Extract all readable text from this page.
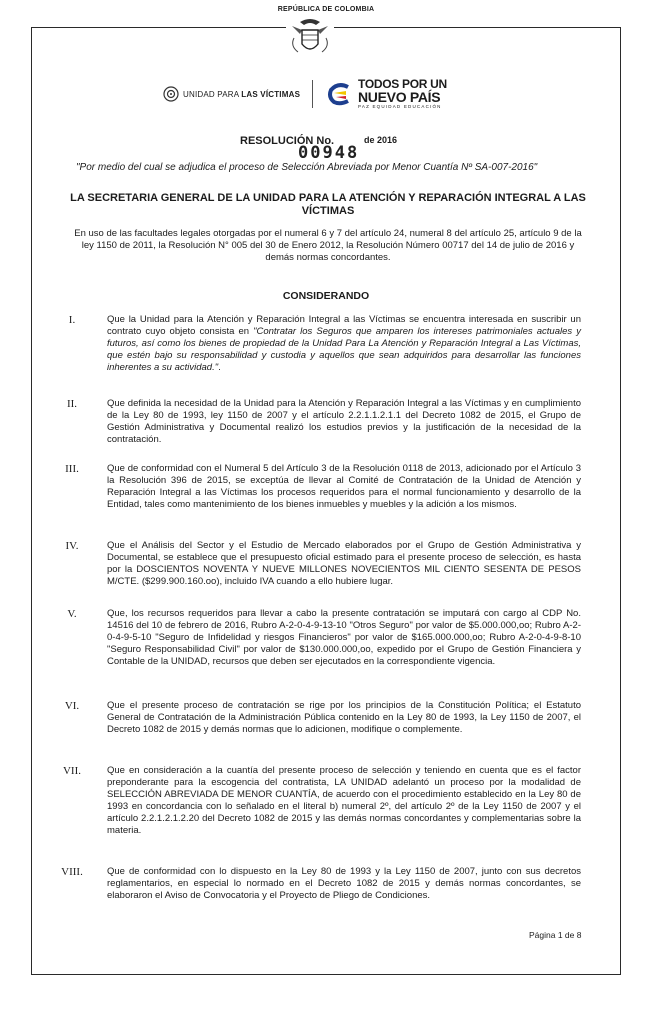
REPÚBLICA DE COLOMBIA
UNIDAD PARA LAS VÍCTIMAS
TODOS POR UN
NUEVO PAÍS
PAZ EQUIDAD EDUCACIÓN
RESOLUCIÓN No.	de 2016
00948
"Por medio del cual se adjudica el proceso de Selección Abreviada por Menor Cuantía Nº SA-007-2016"
LA SECRETARIA GENERAL DE LA UNIDAD PARA LA ATENCIÓN Y REPARACIÓN INTEGRAL A LAS VÍCTIMAS
En uso de las facultades legales otorgadas por el numeral 6 y 7 del artículo 24, numeral 8 del artículo 25, artículo 9 de la ley 1150 de 2011, la Resolución N° 005 del 30 de Enero 2012, la Resolución Número 00717 del 14 de julio de 2016 y demás normas concordantes.
CONSIDERANDO
I.	Que la Unidad para la Atención y Reparación Integral a las Víctimas se encuentra interesada en suscribir un contrato cuyo objeto consista en "Contratar los Seguros que amparen los intereses patrimoniales actuales y futuros, así como los bienes de propiedad de la Unidad Para La Atención y Reparación Integral a Las Víctimas, que estén bajo su responsabilidad y custodia y aquellos que sean adquiridos para desarrollar las funciones inherentes a su actividad.".
II.	Que definida la necesidad de la Unidad para la Atención y Reparación Integral a las Víctimas y en cumplimiento de la Ley 80 de 1993, ley 1150 de 2007 y el artículo 2.2.1.1.2.1.1 del Decreto 1082 de 2015, el Grupo de Gestión Administrativa y Documental realizó los estudios previos y la justificación de la necesidad de la contratación.
III.	Que de conformidad con el Numeral 5 del Artículo 3 de la Resolución 0118 de 2013, adicionado por el Artículo 3 la Resolución 396 de 2015, se exceptúa de llevar al Comité de Contratación de la Unidad de Atención y Reparación Integral a las Víctimas los procesos requeridos para el normal funcionamiento y desarrollo de la Entidad, tales como mantenimiento de los bienes inmuebles y muebles y la adición a los mismos.
IV.	Que el Análisis del Sector y el Estudio de Mercado elaborados por el Grupo de Gestión Administrativa y Documental, se establece que el presupuesto oficial estimado para el presente proceso de selección, es hasta por la DOSCIENTOS NOVENTA Y NUEVE MILLONES NOVECIENTOS MIL CIENTO SESENTA DE PESOS M/CTE. ($299.900.160.oo), incluido IVA cuando a ello hubiere lugar.
V.	Que, los recursos requeridos para llevar a cabo la presente contratación se imputará con cargo al CDP No. 14516 del 10 de febrero de 2016, Rubro A-2-0-4-9-13-10 "Otros Seguro" por valor de $5.000.000,oo; Rubro A-2-0-4-9-5-10 "Seguro de Infidelidad y riesgos Financieros" por valor de $165.000.000,oo; Rubro A-2-0-4-9-8-10 "Seguro Responsabilidad Civil" por valor de $130.000.000,oo, expedido por el Grupo de Gestión Financiera y Contable de la UNIDAD, recursos que deben ser ejecutados en la correspondiente vigencia.
VI.	Que el presente proceso de contratación se rige por los principios de la Constitución Política; el Estatuto General de Contratación de la Administración Pública contenido en la Ley 80 de 1993, la Ley 1150 de 2007, el Decreto 1082 de 2015 y demás normas que lo adicionen, modifique o complemente.
VII.	Que en consideración a la cuantía del presente proceso de selección y teniendo en cuenta que es el factor preponderante para la escogencia del contratista, LA UNIDAD adelantó un proceso por la modalidad de SELECCIÓN ABREVIADA DE MENOR CUANTÍA, de acuerdo con el procedimiento establecido en la Ley 80 de 1993 en concordancia con lo señalado en el literal b) numeral 2º, del artículo 2º de la Ley 1150 de 2007 y el artículo 2.2.1.2.1.2.20 del Decreto 1082 de 2015 y las demás normas concordantes y complementarias sobre la materia.
VIII.	Que de conformidad con lo dispuesto en la Ley 80 de 1993 y la Ley 1150 de 2007, junto con sus decretos reglamentarios, en especial lo normado en el Decreto 1082 de 2015 y demás normas concordantes, se elaboraron el Aviso de Convocatoria y el Proyecto de Pliego de Condiciones.
Página 1 de 8
